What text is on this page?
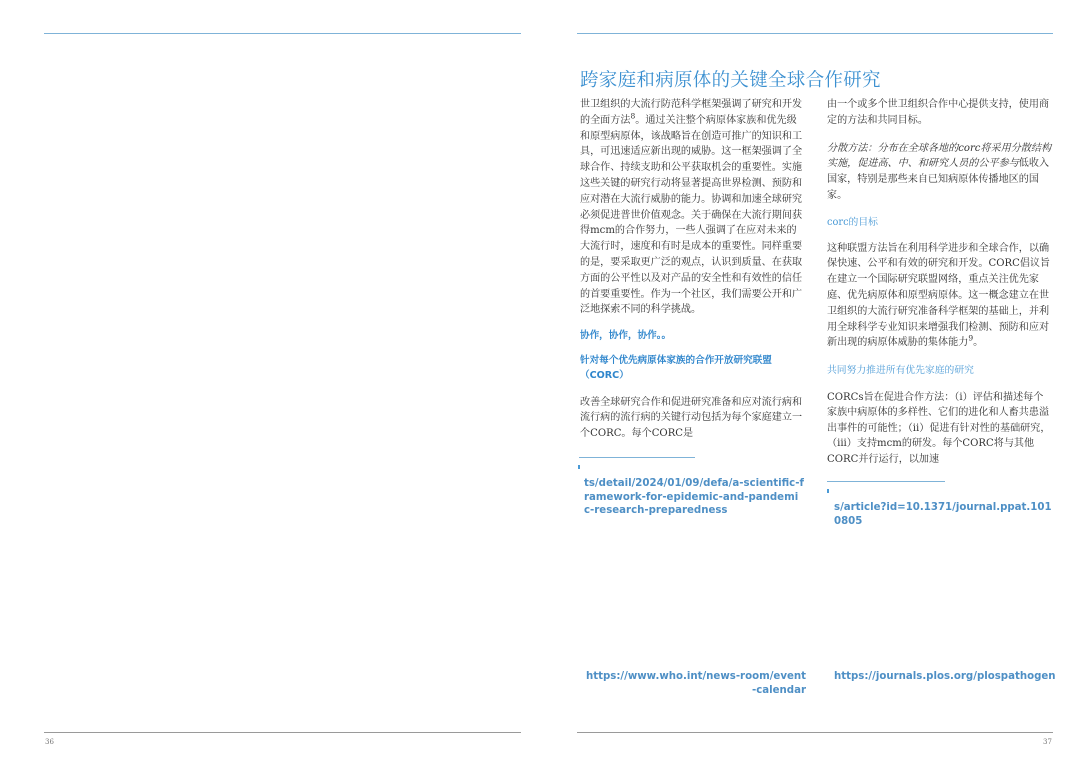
跨家庭和病原体的关键全球合作研究

世卫组织的大流行防范科学框架强调了研究和开发的全面方法$^8$。通过关注整个病原体家族和优先级和原型病原体，该战略旨在创造可推广的知识和工具，可迅速适应新出现的威胁。这一框架强调了全球合作、持续支助和公平获取机会的重要性。实施这些关键的研究行动将显著提高世界检测、预防和应对潜在大流行威胁的能力。协调和加速全球研究必须促进普世价值观念。关于确保在大流行期间获得mcm的合作努力，一些人强调了在应对未来的大流行时，速度和有时是成本的重要性。同样重要的是，要采取更广泛的观点，认识到质量、在获取方面的公平性以及对产品的安全性和有效性的信任的首要重要性。作为一个社区，我们需要公开和广泛地探索不同的科学挑战。

协作，协作，协作。。

针对每个优先病原体家族的合作开放研究联盟（CORC）

改善全球研究合作和促进研究准备和应对流行病和流行病的流行病的关键行动包括为每个家庭建立一个CORC。每个CORC是

由一个或多个世卫组织合作中心提供支持，使用商定的方法和共同目标。

分散方法：分布在全球各地的corc将采用分散结构实施，促进高、中、和研究人员的公平参与低收入国家，特别是那些来自已知病原体传播地区的国家。

corc的目标

这种联盟方法旨在利用科学进步和全球合作，以确保快速、公平和有效的研究和开发。CORC倡议旨在建立一个国际研究联盟网络，重点关注优先家庭、优先病原体和原型病原体。这一概念建立在世卫组织的大流行研究准备科学框架的基础上，并利用全球科学专业知识来增强我们检测、预防和应对新出现的病原体威胁的集体能力$^9$。

共同努力推进所有优先家庭的研究

CORCs旨在促进合作方法：（i）评估和描述每个家族中病原体的多样性、它们的进化和人畜共患溢出事件的可能性；（ii）促进有针对性的基础研究，（iii）支持mcm的研发。每个CORC将与其他CORC并行运行，以加速

ts/detail/2024/01/09/defa/a-scientific-framework-for-epidemic-and-pandemic-research-preparedness	s/article?id=10.1371/journal.ppat.1010805
https://www.who.int/news-room/event-calendar
https://journals.plos.org/plospathogen
36	37
